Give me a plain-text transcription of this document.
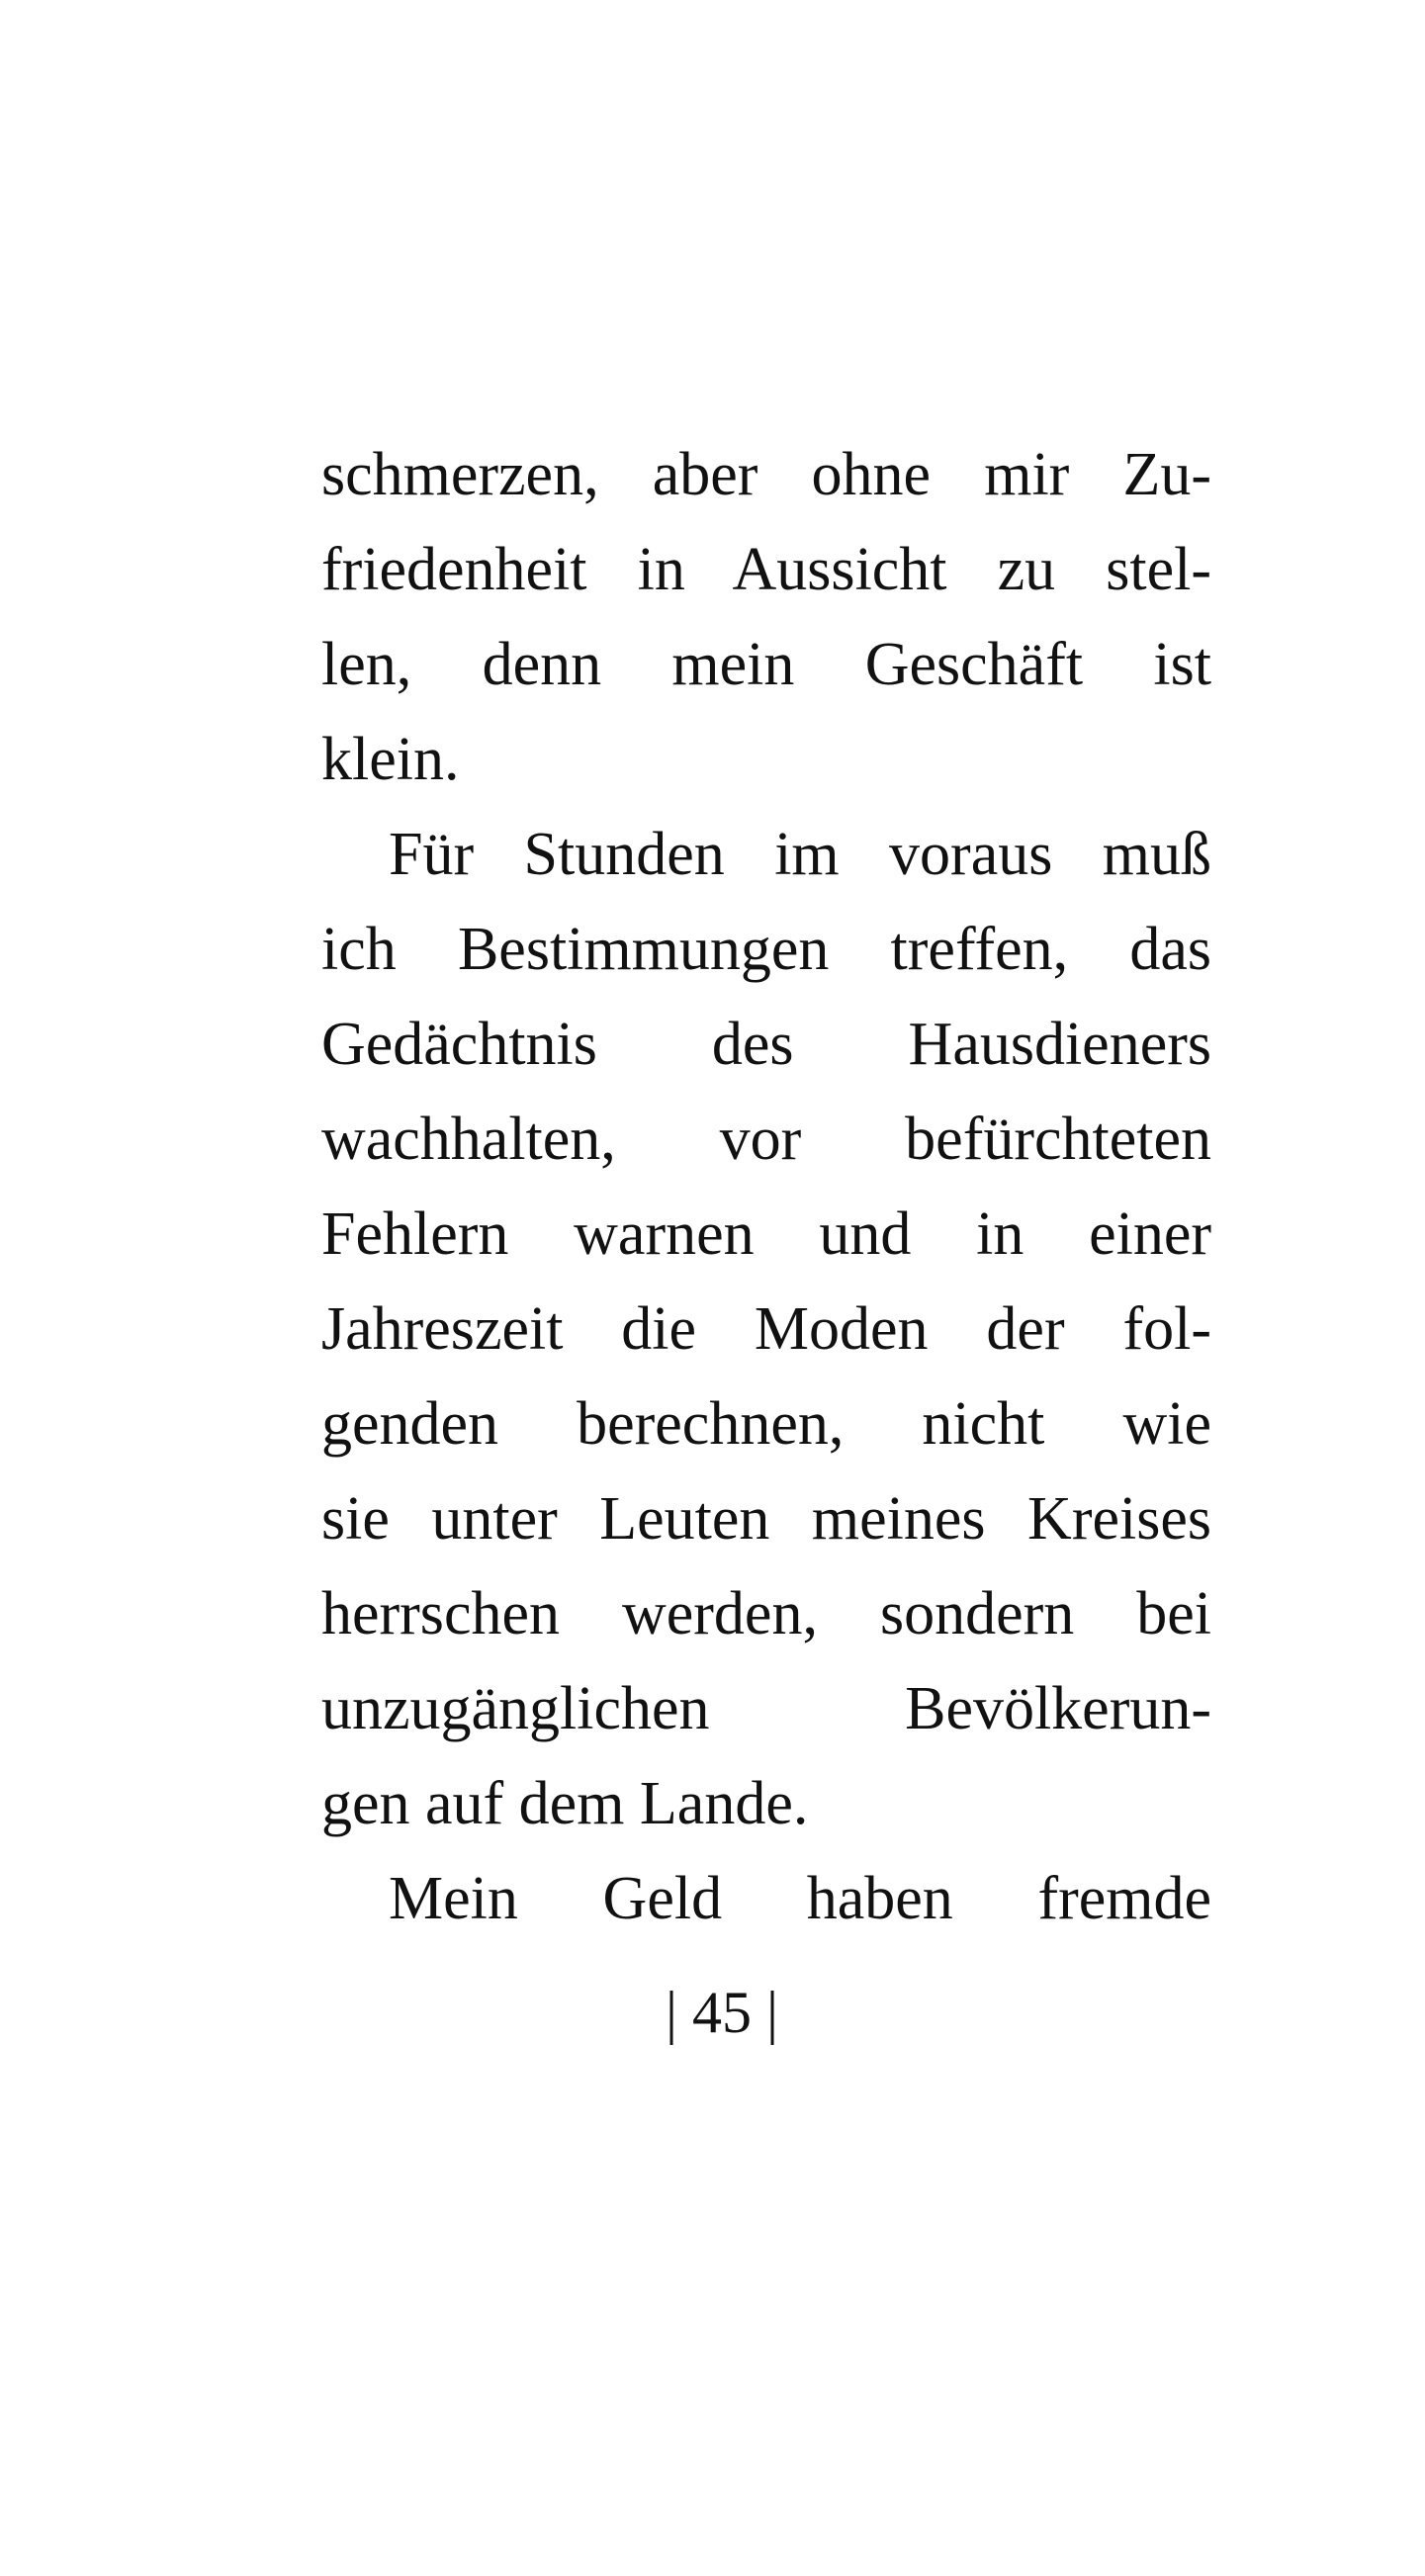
schmerzen, aber ohne mir Zu-
friedenheit in Aussicht zu stel-
len, denn mein Geschäft ist
klein.
Für Stunden im voraus muß
ich Bestimmungen treffen, das
Gedächtnis des Hausdieners
wachhalten, vor befürchteten
Fehlern warnen und in einer
Jahreszeit die Moden der fol-
genden berechnen, nicht wie
sie unter Leuten meines Kreises
herrschen werden, sondern bei
unzugänglichen Bevölkerun-
gen auf dem Lande.
Mein Geld haben fremde
| 45 |
